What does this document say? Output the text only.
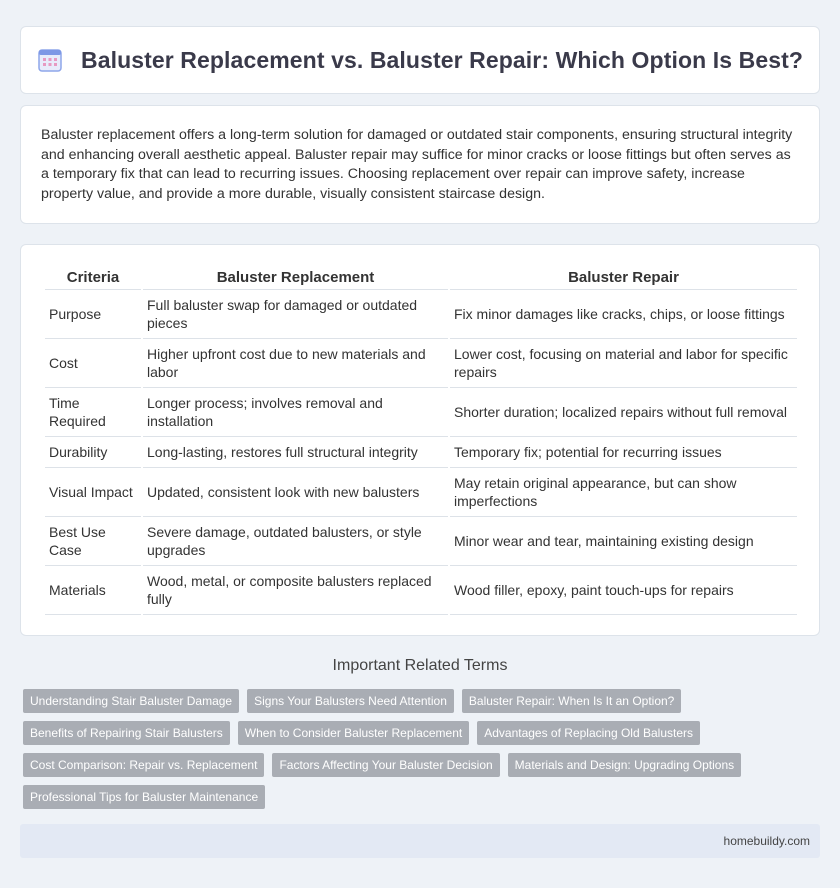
Baluster Replacement vs. Baluster Repair: Which Option Is Best?

Baluster replacement offers a long-term solution for damaged or outdated stair components, ensuring structural integrity and enhancing overall aesthetic appeal. Baluster repair may suffice for minor cracks or loose fittings but often serves as a temporary fix that can lead to recurring issues. Choosing replacement over repair can improve safety, increase property value, and provide a more durable, visually consistent staircase design.

Criteria	Baluster Replacement	Baluster Repair
Purpose	Full baluster swap for damaged or outdated pieces	Fix minor damages like cracks, chips, or loose fittings
Cost	Higher upfront cost due to new materials and labor	Lower cost, focusing on material and labor for specific repairs
Time Required	Longer process; involves removal and installation	Shorter duration; localized repairs without full removal
Durability	Long-lasting, restores full structural integrity	Temporary fix; potential for recurring issues
Visual Impact	Updated, consistent look with new balusters	May retain original appearance, but can show imperfections
Best Use Case	Severe damage, outdated balusters, or style upgrades	Minor wear and tear, maintaining existing design
Materials	Wood, metal, or composite balusters replaced fully	Wood filler, epoxy, paint touch-ups for repairs
Important Related Terms
Understanding Stair Baluster Damage	Signs Your Balusters Need Attention	Baluster Repair: When Is It an Option?
Benefits of Repairing Stair Balusters	When to Consider Baluster Replacement	Advantages of Replacing Old Balusters
Cost Comparison: Repair vs. Replacement	Factors Affecting Your Baluster Decision	Materials and Design: Upgrading Options
Professional Tips for Baluster Maintenance
homebuildy.com
